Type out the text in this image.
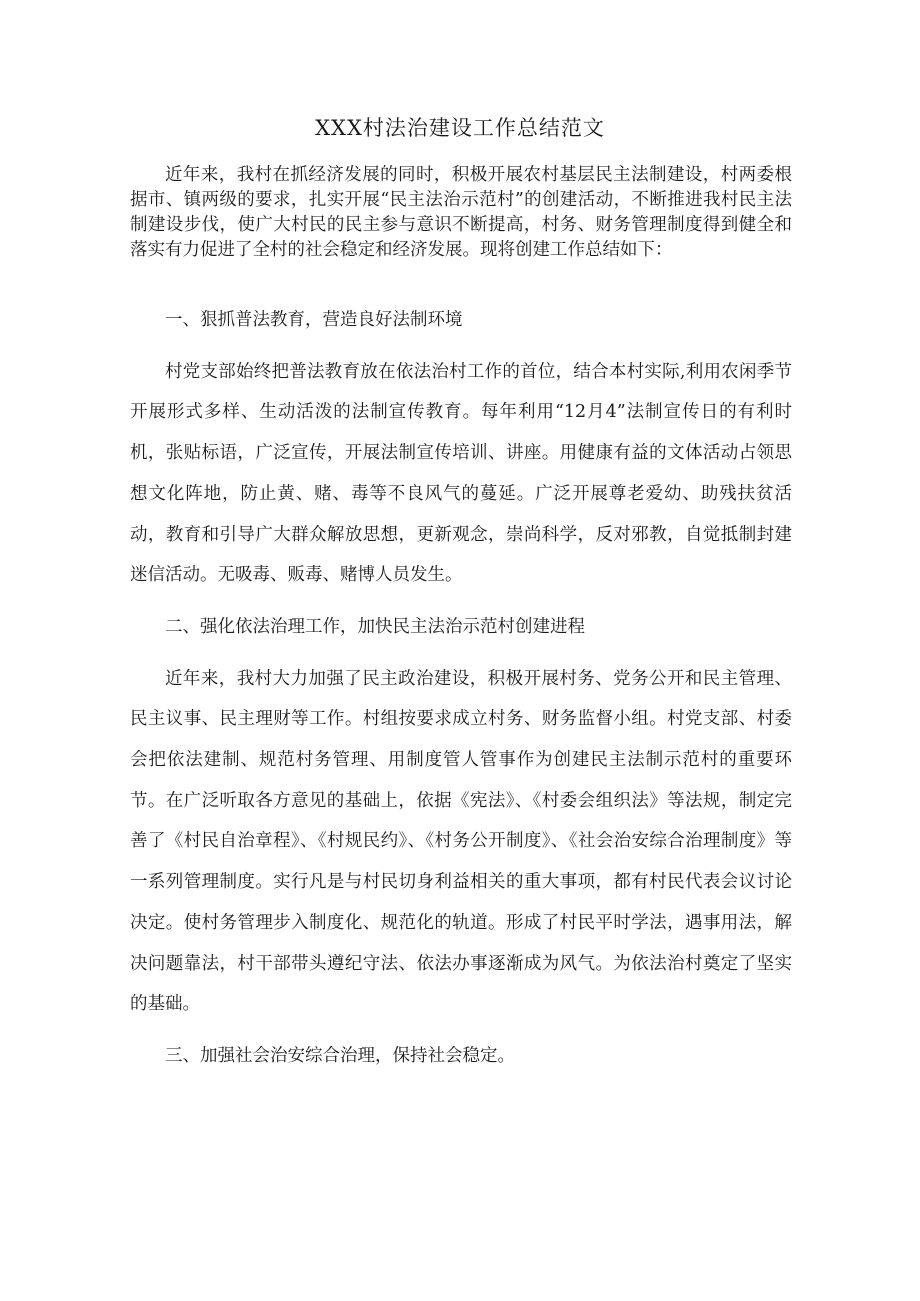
XXX村法治建设工作总结范文

近年来，我村在抓经济发展的同时，积极开展农村基层民主法制建设，村两委根据市、镇两级的要求，扎实开展“民主法治示范村”的创建活动，不断推进我村民主法制建设步伐，使广大村民的民主参与意识不断提高，村务、财务管理制度得到健全和落实有力促进了全村的社会稳定和经济发展。现将创建工作总结如下：

一、狠抓普法教育，营造良好法制环境

村党支部始终把普法教育放在依法治村工作的首位，结合本村实际,利用农闲季节开展形式多样、生动活泼的法制宣传教育。每年利用“12月4”法制宣传日的有利时机，张贴标语，广泛宣传，开展法制宣传培训、讲座。用健康有益的文体活动占领思想文化阵地，防止黄、赌、毒等不良风气的蔓延。广泛开展尊老爱幼、助残扶贫活动，教育和引导广大群众解放思想，更新观念，崇尚科学，反对邪教，自觉抵制封建迷信活动。无吸毒、贩毒、赌博人员发生。

二、强化依法治理工作，加快民主法治示范村创建进程

近年来，我村大力加强了民主政治建设，积极开展村务、党务公开和民主管理、民主议事、民主理财等工作。村组按要求成立村务、财务监督小组。村党支部、村委会把依法建制、规范村务管理、用制度管人管事作为创建民主法制示范村的重要环节。在广泛听取各方意见的基础上，依据《宪法》、《村委会组织法》等法规，制定完善了《村民自治章程》、《村规民约》、《村务公开制度》、《社会治安综合治理制度》等一系列管理制度。实行凡是与村民切身利益相关的重大事项，都有村民代表会议讨论决定。使村务管理步入制度化、规范化的轨道。形成了村民平时学法，遇事用法，解决问题靠法，村干部带头遵纪守法、依法办事逐渐成为风气。为依法治村奠定了坚实的基础。

三、加强社会治安综合治理，保持社会稳定。
